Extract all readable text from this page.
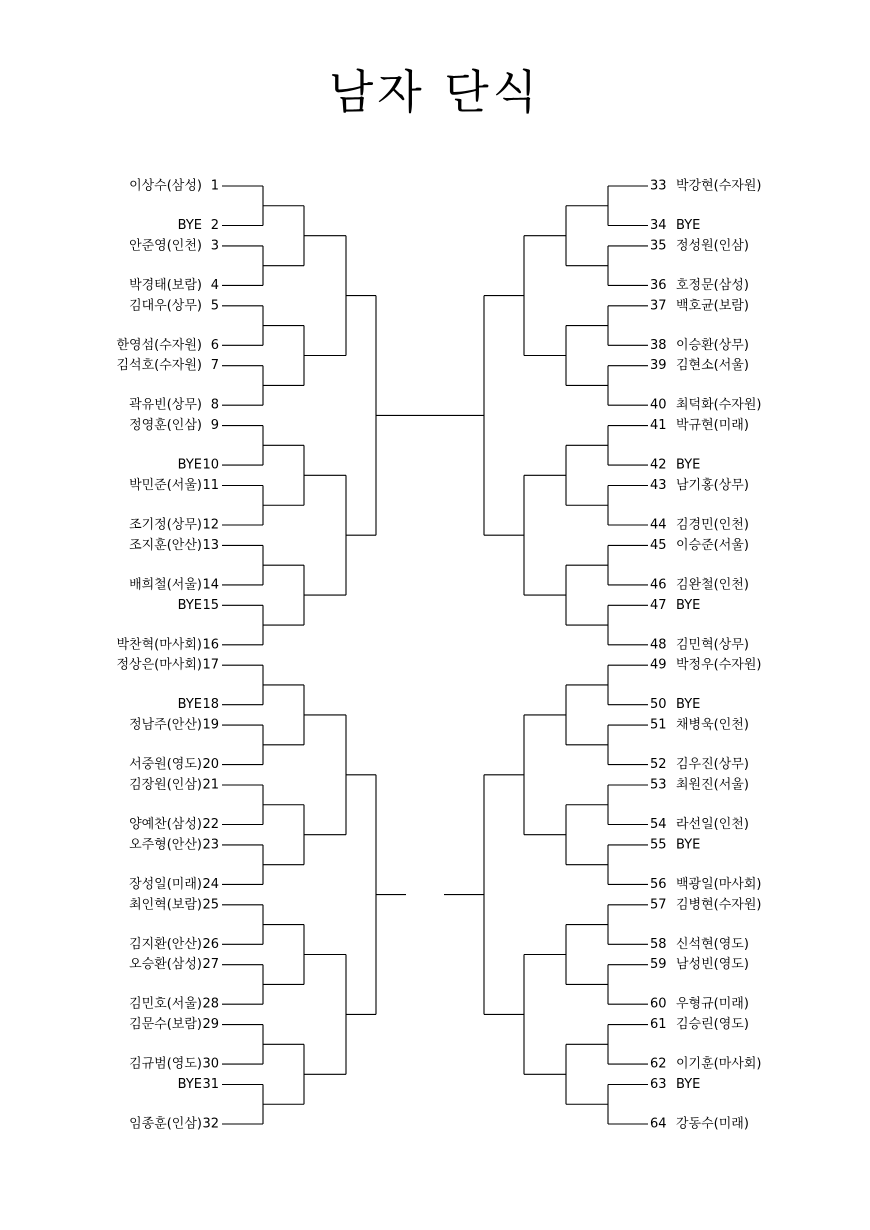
남자 단식
1
이상수(삼성)
2
BYE
3
안준영(인천)
4
박경태(보람)
5
김대우(상무)
6
한영섬(수자원)
7
김석호(수자원)
8
곽유빈(상무)
9
정영훈(인삼)
10
BYE
11
박민준(서울)
12
조기정(상무)
13
조지훈(안산)
14
배희철(서울)
15
BYE
16
박찬혁(마사회)
17
정상은(마사회)
18
BYE
19
정남주(안산)
20
서중원(영도)
21
김장원(인삼)
22
양예찬(삼성)
23
오주형(안산)
24
장성일(미래)
25
최인혁(보람)
26
김지환(안산)
27
오승환(삼성)
28
김민호(서울)
29
김문수(보람)
30
김규범(영도)
31
BYE
32
임종훈(인삼)
33 박강현(수자원)
34 BYE
35 정성원(인삼)
36 호정문(삼성)
37 백호균(보람)
38 이승환(상무)
39 김현소(서울)
40 최덕화(수자원)
41 박규현(미래)
42 BYE
43 남기홍(상무)
44 김경민(인천)
45 이승준(서울)
46 김완철(인천)
47 BYE
48 김민혁(상무)
49 박정우(수자원)
50 BYE
51 채병욱(인천)
52 김우진(상무)
53 최원진(서울)
54 라선일(인천)
55 BYE
56 백광일(마사회)
57 김병현(수자원)
58 신석현(영도)
59 남성빈(영도)
60 우형규(미래)
61 김승린(영도)
62 이기훈(마사회)
63 BYE
64 강동수(미래)
